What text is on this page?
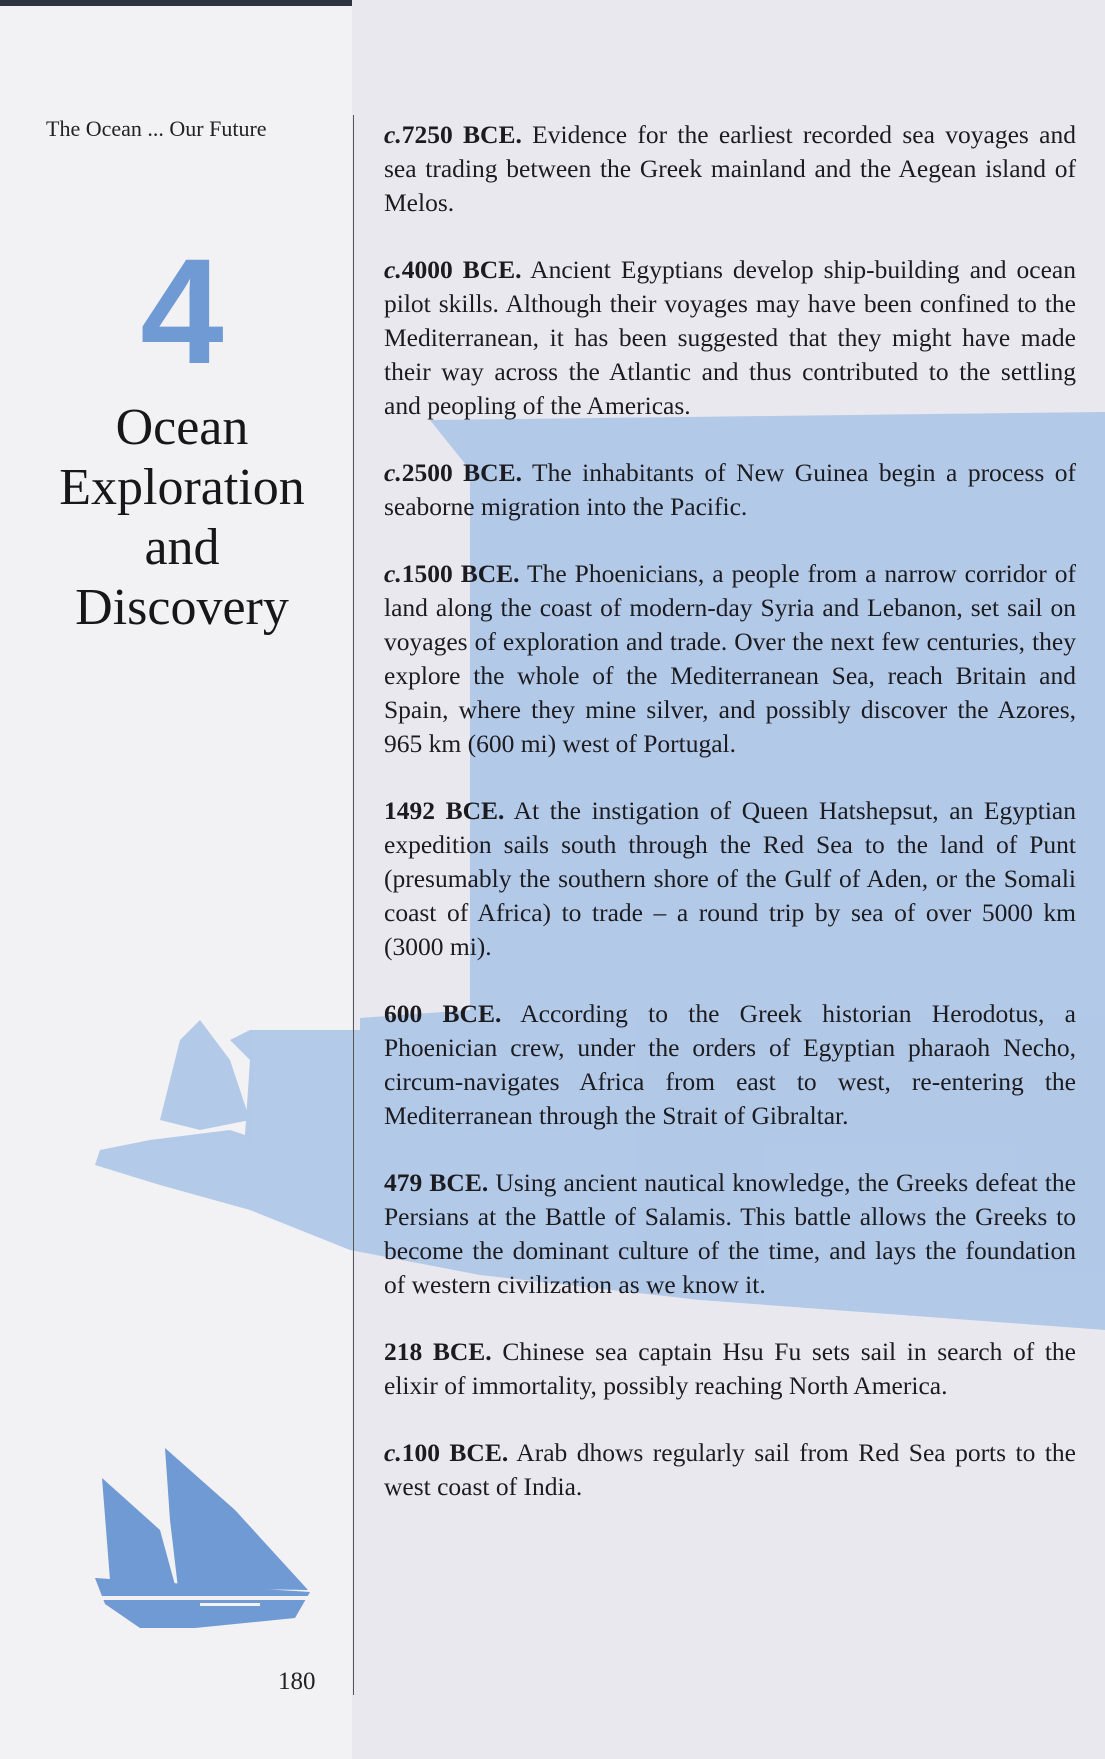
The Ocean ... Our Future
4
Ocean
Exploration
and
Discovery

c.7250 BCE. Evidence for the earliest recorded sea voyages and sea trading between the Greek mainland and the Aegean island of Melos.

c.4000 BCE. Ancient Egyptians develop ship-building and ocean pilot skills. Although their voyages may have been confined to the Mediterranean, it has been suggested that they might have made their way across the Atlantic and thus contributed to the settling and peopling of the Americas.

c.2500 BCE. The inhabitants of New Guinea begin a process of seaborne migration into the Pacific.

c.1500 BCE. The Phoenicians, a people from a narrow corridor of land along the coast of modern-day Syria and Lebanon, set sail on voyages of exploration and trade. Over the next few centuries, they explore the whole of the Mediterranean Sea, reach Britain and Spain, where they mine silver, and possibly discover the Azores, 965 km (600 mi) west of Portugal.

1492 BCE. At the instigation of Queen Hatshepsut, an Egyptian expedition sails south through the Red Sea to the land of Punt (presumably the southern shore of the Gulf of Aden, or the Somali coast of Africa) to trade – a round trip by sea of over 5000 km (3000 mi).

600 BCE. According to the Greek historian Herodotus, a Phoenician crew, under the orders of Egyptian pharaoh Necho, circum-navigates Africa from east to west, re-entering the Mediterranean through the Strait of Gibraltar.

479 BCE. Using ancient nautical knowledge, the Greeks defeat the Persians at the Battle of Salamis. This battle allows the Greeks to become the dominant culture of the time, and lays the foundation of western civilization as we know it.

218 BCE. Chinese sea captain Hsu Fu sets sail in search of the elixir of immortality, possibly reaching North America.

c.100 BCE. Arab dhows regularly sail from Red Sea ports to the west coast of India.

180
